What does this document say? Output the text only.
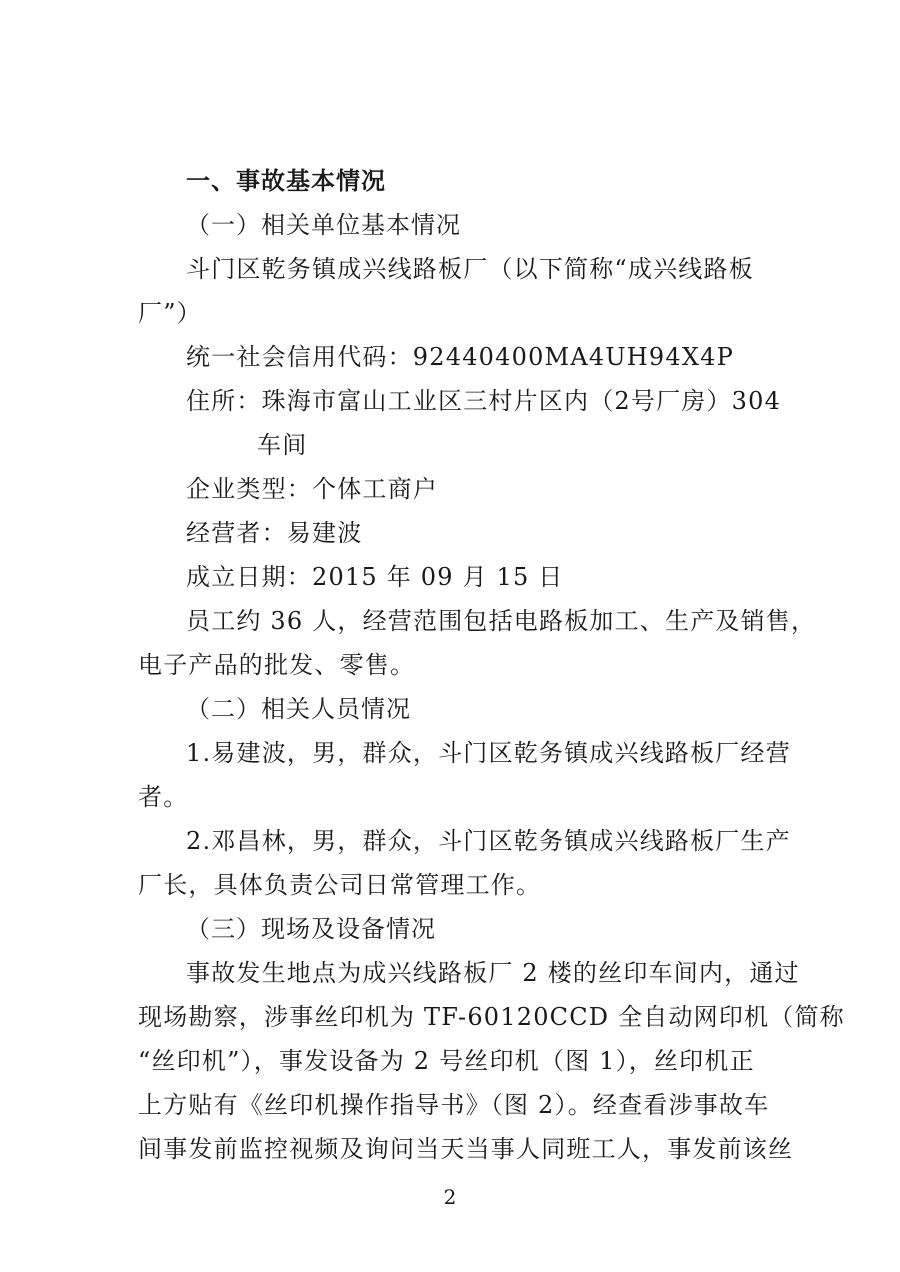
一、事故基本情况
（一）相关单位基本情况
斗门区乾务镇成兴线路板厂（以下简称“成兴线路板
厂”）
统一社会信用代码：92440400MA4UH94X4P
住所：珠海市富山工业区三村片区内（2号厂房）304
车间
企业类型：个体工商户
经营者：易建波
成立日期：2015 年 09 月 15 日
员工约 36 人，经营范围包括电路板加工、生产及销售，
电子产品的批发、零售。
（二）相关人员情况
1.易建波，男，群众，斗门区乾务镇成兴线路板厂经营
者。
2.邓昌林，男，群众，斗门区乾务镇成兴线路板厂生产
厂长，具体负责公司日常管理工作。
（三）现场及设备情况
事故发生地点为成兴线路板厂 2 楼的丝印车间内，通过
现场勘察，涉事丝印机为 TF-60120CCD 全自动网印机（简称
“丝印机”），事发设备为 2 号丝印机（图 1），丝印机正
上方贴有《丝印机操作指导书》（图 2）。经查看涉事故车
间事发前监控视频及询问当天当事人同班工人，事发前该丝
2
